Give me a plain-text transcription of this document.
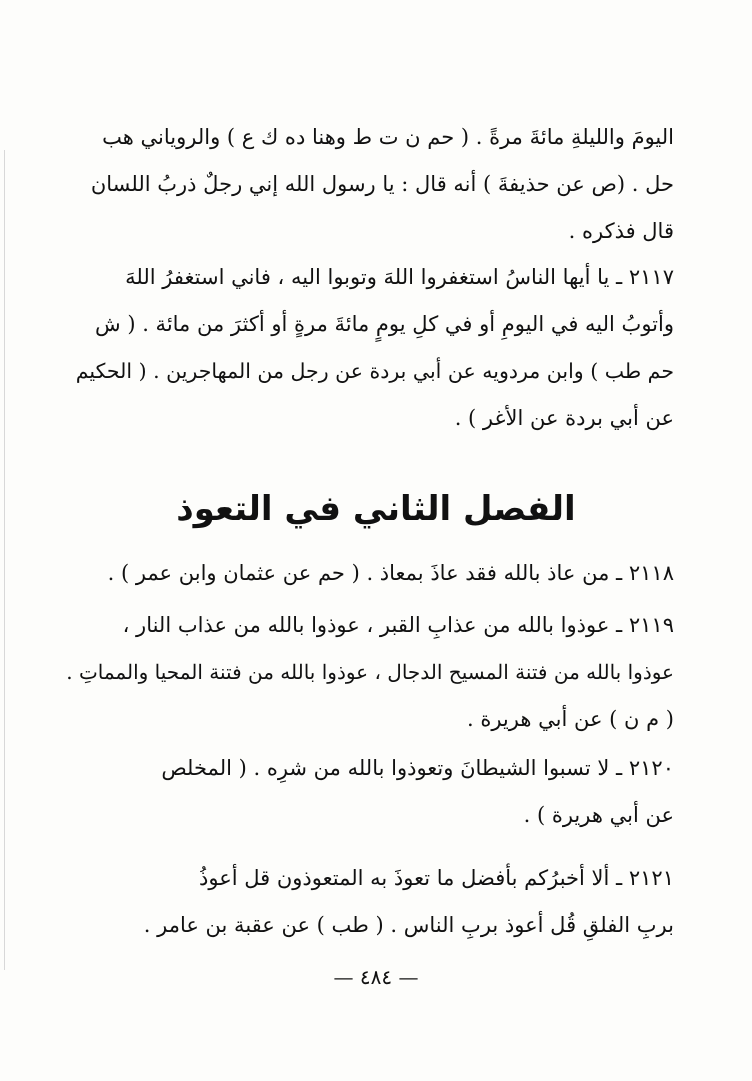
اليومَ والليلةِ مائةَ مرةً . ( حم ن ت ط وهنا ده ك ع ) والروياني هب
حل . (ص عن حذيفةَ ) أنه قال : يا رسول الله إني رجلٌ ذربُ اللسان
قال فذكره .
٢١١٧ ـ يا أيها الناسُ استغفروا اللهَ وتوبوا اليه ، فاني استغفرُ اللهَ
وأتوبُ اليه في اليومِ أو في كلِ يومٍ مائةَ مرةٍ أو أكثرَ من مائة . ( ش
حم طب ) وابن مردويه عن أبي بردة عن رجل من المهاجرين . ( الحكيم
عن أبي بردة عن الأغر ) .
الفصل الثاني في التعوذ
٢١١٨ ـ من عاذ بالله فقد عاذَ بمعاذ . ( حم عن عثمان وابن عمر ) .
٢١١٩ ـ عوذوا بالله من عذابِ القبر ، عوذوا بالله من عذاب النار ،
عوذوا بالله من فتنة المسيح الدجال ، عوذوا بالله من فتنة المحيا والمماتِ .
( م ن ) عن أبي هريرة .
٢١٢٠ ـ لا تسبوا الشيطانَ وتعوذوا بالله من شرِه . ( المخلص
عن أبي هريرة ) .
٢١٢١ ـ ألا أخبرُكم بأفضل ما تعوذَ به المتعوذون قل أعوذُ
بربِ الفلقِ قُل أعوذ بربِ الناس . ( طب ) عن عقبة بن عامر .
— ٤٨٤ —
